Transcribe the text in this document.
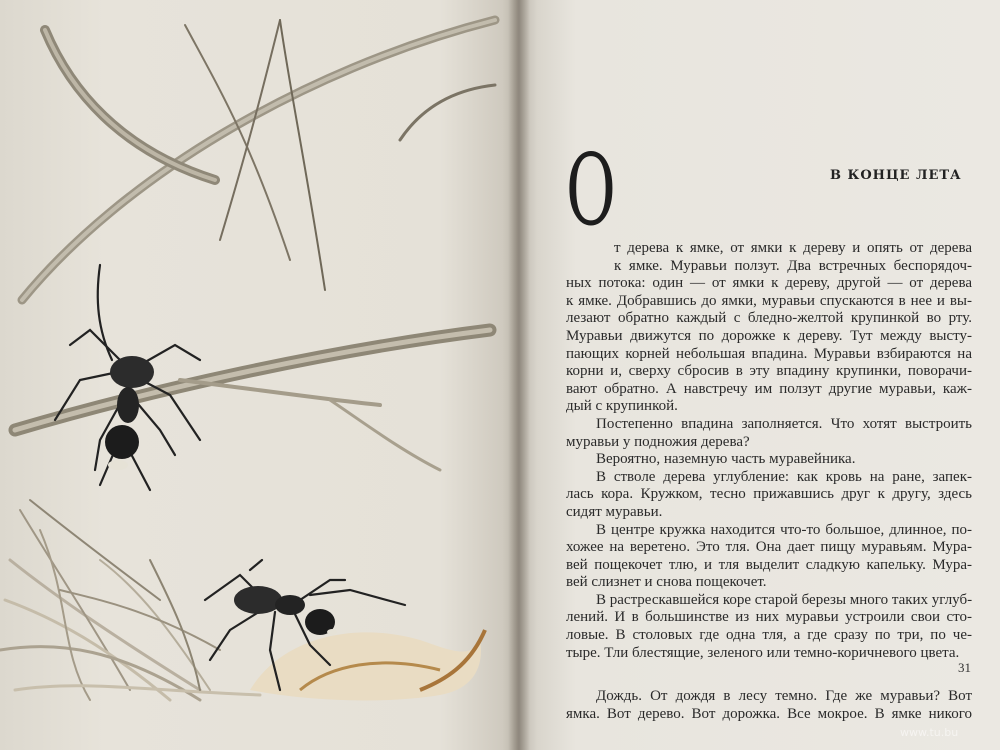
В КОНЦЕ ЛЕТА
О
т дерева к ямке, от ямки к дереву и опять от дерева
к ямке. Муравьи ползут. Два встречных беспорядоч-
ных потока: один — от ямки к дереву, другой — от дерева
к ямке. Добравшись до ямки, муравьи спускаются в нее и вы-
лезают обратно каждый с бледно-желтой крупинкой во рту.
Муравьи движутся по дорожке к дереву. Тут между высту-
пающих корней небольшая впадина. Муравьи взбираются на
корни и, сверху сбросив в эту впадину крупинки, поворачи-
вают обратно. А навстречу им ползут другие муравьи, каж-
дый с крупинкой.
Постепенно впадина заполняется. Что хотят выстроить
муравьи у подножия дерева?
Вероятно, наземную часть муравейника.
В стволе дерева углубление: как кровь на ране, запек-
лась кора. Кружком, тесно прижавшись друг к другу, здесь
сидят муравьи.
В центре кружка находится что-то большое, длинное, по-
хожее на веретено. Это тля. Она дает пищу муравьям. Мура-
вей пощекочет тлю, и тля выделит сладкую капельку. Мура-
вей слизнет и снова пощекочет.
В растрескавшейся коре старой березы много таких углуб-
лений. И в большинстве из них муравьи устроили свои сто-
ловые. В столовых где одна тля, а где сразу по три, по че-
тыре. Тли блестящие, зеленого или темно-коричневого цвета.
Дождь. От дождя в лесу темно. Где же муравьи? Вот
ямка. Вот дерево. Вот дорожка. Все мокрое. В ямке никого
31
www.tu.bu
